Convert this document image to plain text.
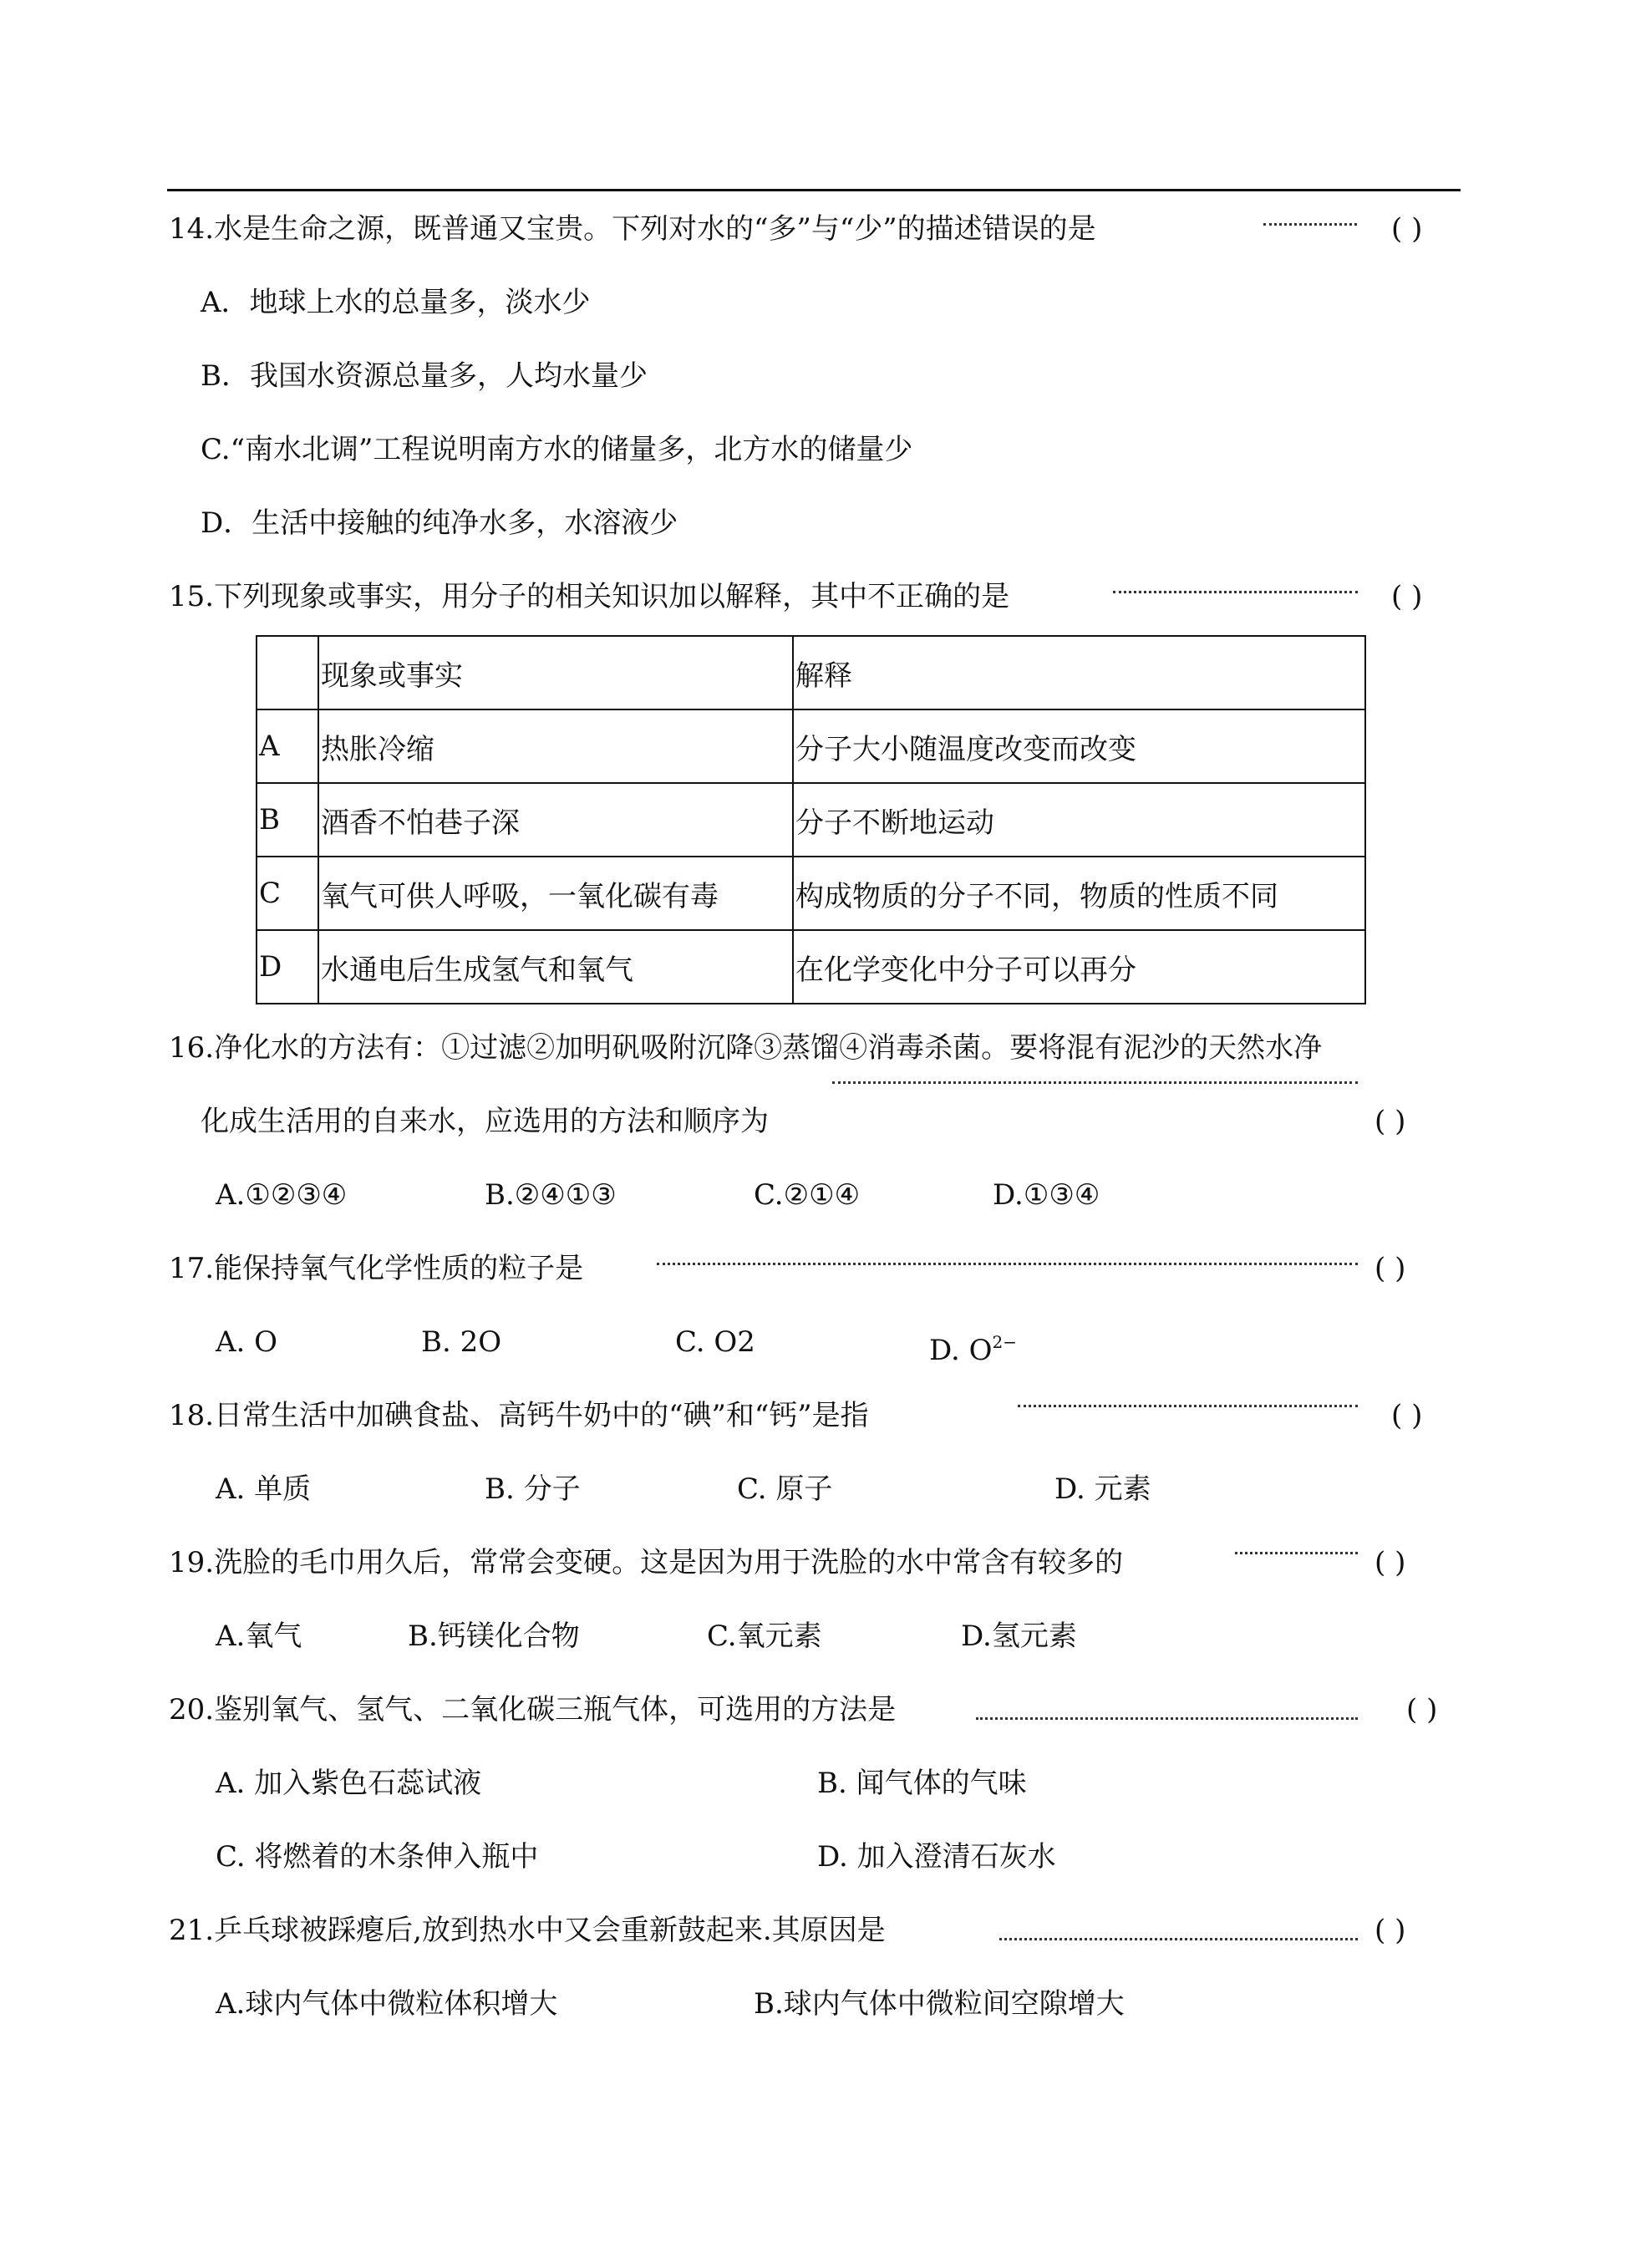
14.水是生命之源，既普通又宝贵。下列对水的“多”与“少”的描述错误的是	( )
A．地球上水的总量多，淡水少
B．我国水资源总量多，人均水量少
C.“南水北调”工程说明南方水的储量多，北方水的储量少
D．生活中接触的纯净水多，水溶液少
15.下列现象或事实，用分子的相关知识加以解释，其中不正确的是	( )
	现象或事实	解释
A	热胀冷缩	分子大小随温度改变而改变
B	酒香不怕巷子深	分子不断地运动
C	氧气可供人呼吸，一氧化碳有毒	构成物质的分子不同，物质的性质不同
D	水通电后生成氢气和氧气	在化学变化中分子可以再分
16.净化水的方法有：①过滤②加明矾吸附沉降③蒸馏④消毒杀菌。要将混有泥沙的天然水净
化成生活用的自来水，应选用的方法和顺序为	( )
A.①②③④	B.②④①③	C.②①④	D.①③④
17.能保持氧气化学性质的粒子是	( )
A. O	B. 2O	C. O2	D. $O^{2-}$
18.日常生活中加碘食盐、高钙牛奶中的“碘”和“钙”是指	( )
A. 单质	B. 分子	C. 原子	D. 元素
19.洗脸的毛巾用久后，常常会变硬。这是因为用于洗脸的水中常含有较多的	( )
A.氧气	B.钙镁化合物	C.氧元素	D.氢元素
20.鉴别氧气、氢气、二氧化碳三瓶气体，可选用的方法是	( )
A. 加入紫色石蕊试液	B. 闻气体的气味
C. 将燃着的木条伸入瓶中	D. 加入澄清石灰水
21.乒乓球被踩瘪后,放到热水中又会重新鼓起来.其原因是	( )
A.球内气体中微粒体积增大	B.球内气体中微粒间空隙增大
